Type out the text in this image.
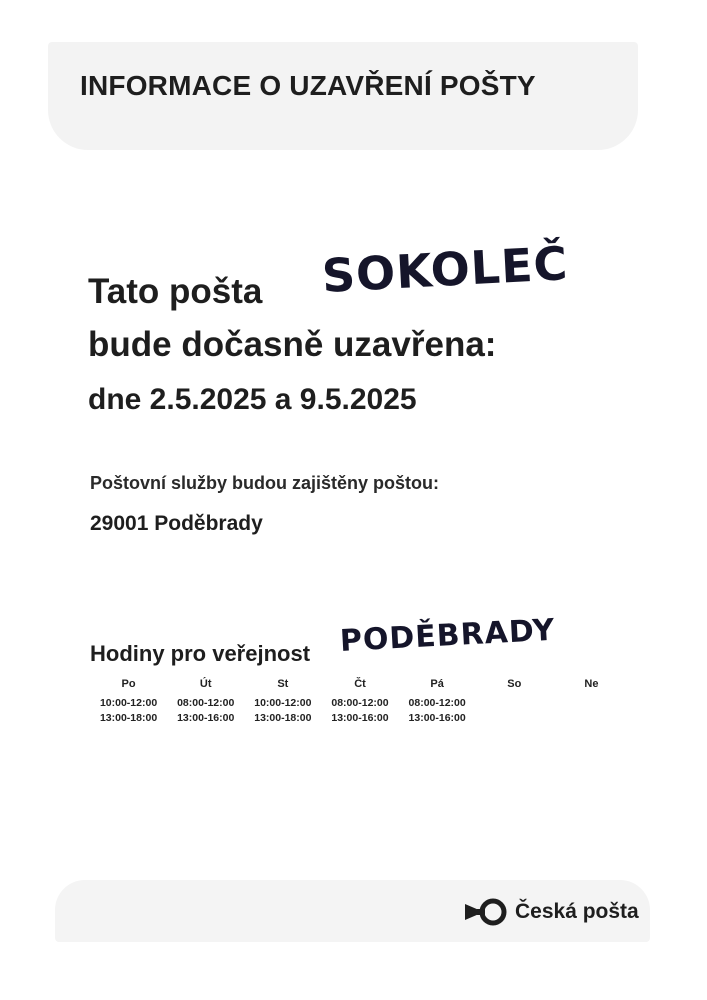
INFORMACE O UZAVŘENÍ POŠTY
Tato pošta SOKOLEČ
bude dočasně uzavřena:
dne 2.5.2025 a 9.5.2025
Poštovní služby budou zajištěny poštou:
29001 Poděbrady
Hodiny pro veřejnost PODĚBRADY
Po
10:00-12:00
13:00-18:00
Út
08:00-12:00
13:00-16:00
St
10:00-12:00
13:00-18:00
Čt
08:00-12:00
13:00-16:00
Pá
08:00-12:00
13:00-16:00
So	Ne
Česká pošta
